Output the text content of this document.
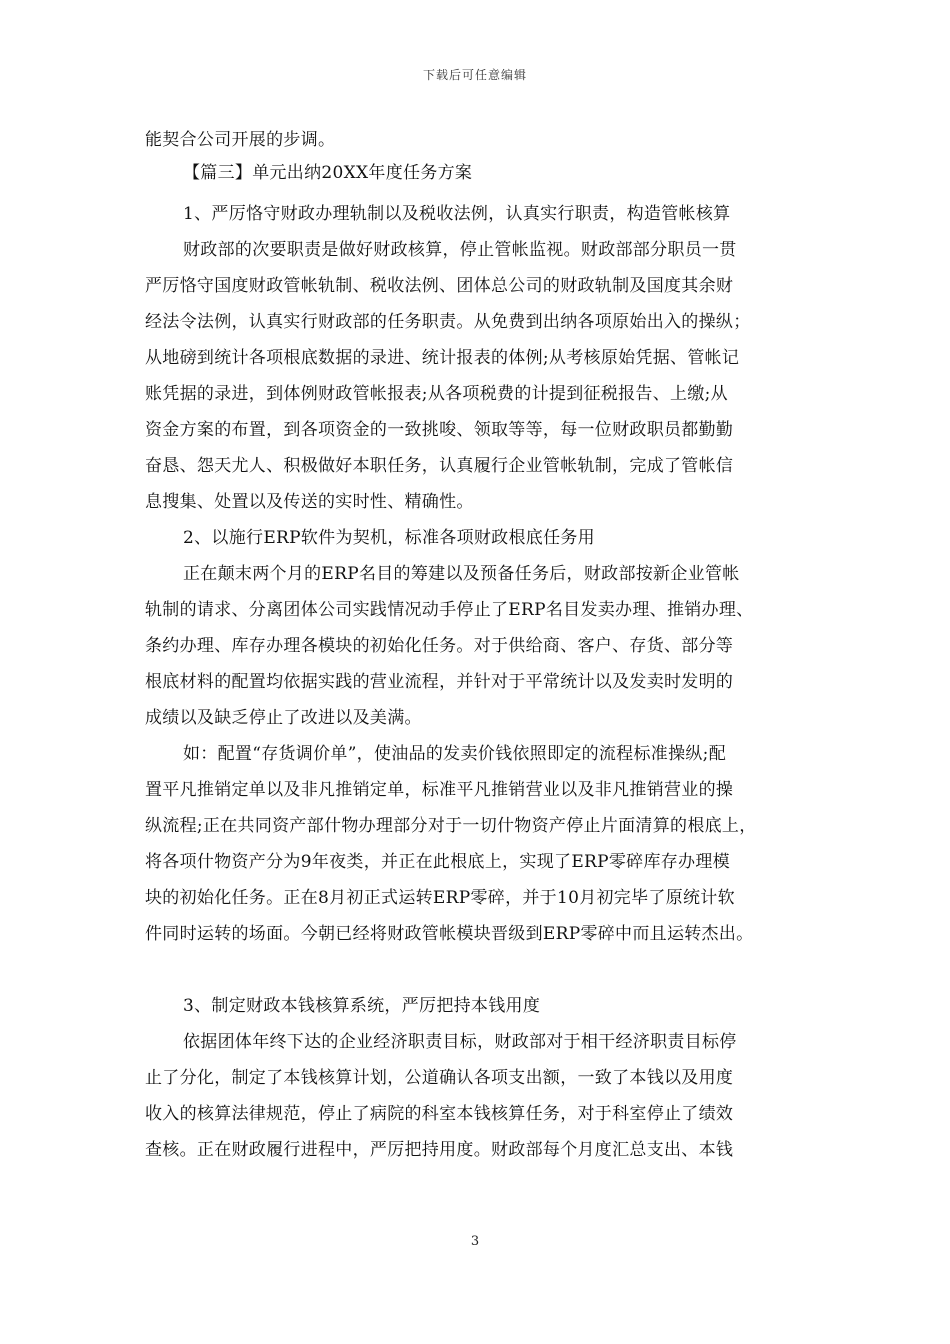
下载后可任意编辑
能契合公司开展的步调。
【篇三】单元出纳20XX年度任务方案
1、严厉恪守财政办理轨制以及税收法例，认真实行职责，构造管帐核算
财政部的次要职责是做好财政核算，停止管帐监视。财政部部分职员一贯
严厉恪守国度财政管帐轨制、税收法例、团体总公司的财政轨制及国度其余财
经法令法例，认真实行财政部的任务职责。从免费到出纳各项原始出入的操纵；
从地磅到统计各项根底数据的录进、统计报表的体例;从考核原始凭据、管帐记
账凭据的录进，到体例财政管帐报表;从各项税费的计提到征税报告、上缴;从
资金方案的布置，到各项资金的一致挑唆、领取等等，每一位财政职员都勤勤
奋恳、怨天尤人、积极做好本职任务，认真履行企业管帐轨制，完成了管帐信
息搜集、处置以及传送的实时性、精确性。
2、以施行ERP软件为契机，标准各项财政根底任务用
正在颠末两个月的ERP名目的筹建以及预备任务后，财政部按新企业管帐
轨制的请求、分离团体公司实践情况动手停止了ERP名目发卖办理、推销办理、
条约办理、库存办理各模块的初始化任务。对于供给商、客户、存货、部分等
根底材料的配置均依据实践的营业流程，并针对于平常统计以及发卖时发明的
成绩以及缺乏停止了改进以及美满。
如：配置“存货调价单”，使油品的发卖价钱依照即定的流程标准操纵;配
置平凡推销定单以及非凡推销定单，标准平凡推销营业以及非凡推销营业的操
纵流程;正在共同资产部什物办理部分对于一切什物资产停止片面清算的根底上，
将各项什物资产分为9年夜类，并正在此根底上，实现了ERP零碎库存办理模
块的初始化任务。正在8月初正式运转ERP零碎，并于10月初完毕了原统计软
件同时运转的场面。今朝已经将财政管帐模块晋级到ERP零碎中而且运转杰出。
3、制定财政本钱核算系统，严厉把持本钱用度
依据团体年终下达的企业经济职责目标，财政部对于相干经济职责目标停
止了分化，制定了本钱核算计划，公道确认各项支出额，一致了本钱以及用度
收入的核算法律规范，停止了病院的科室本钱核算任务，对于科室停止了绩效
查核。正在财政履行进程中，严厉把持用度。财政部每个月度汇总支出、本钱
3
